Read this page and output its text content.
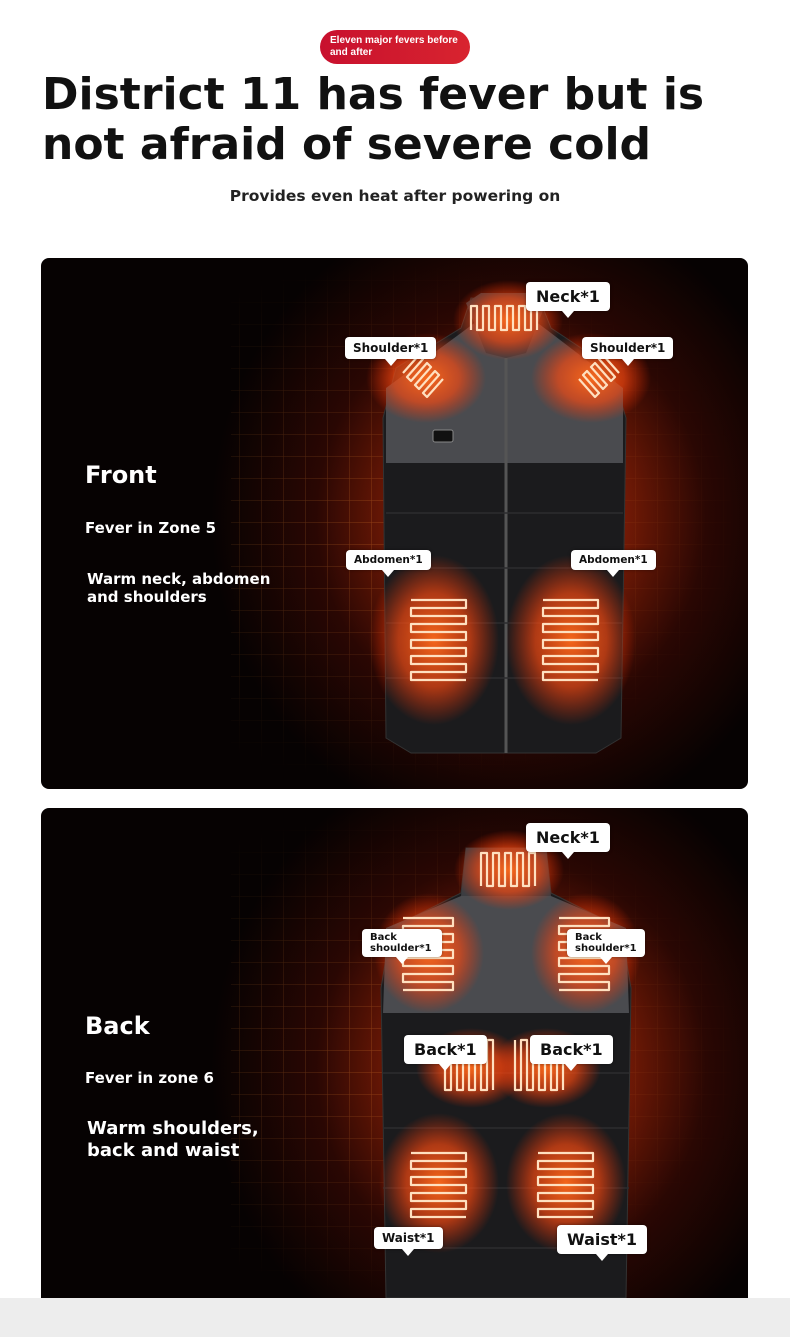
Eleven major fevers before and after
District 11 has fever but is not afraid of severe cold
Provides even heat after powering on
Front
Fever in Zone 5
Warm neck, abdomen and shoulders
Neck*1
Shoulder*1	Shoulder*1
Abdomen*1	Abdomen*1
Back
Fever in zone 6
Warm shoulders, back and waist
Neck*1
Back shoulder*1
Back shoulder*1
Back*1	Back*1
Waist*1	Waist*1
